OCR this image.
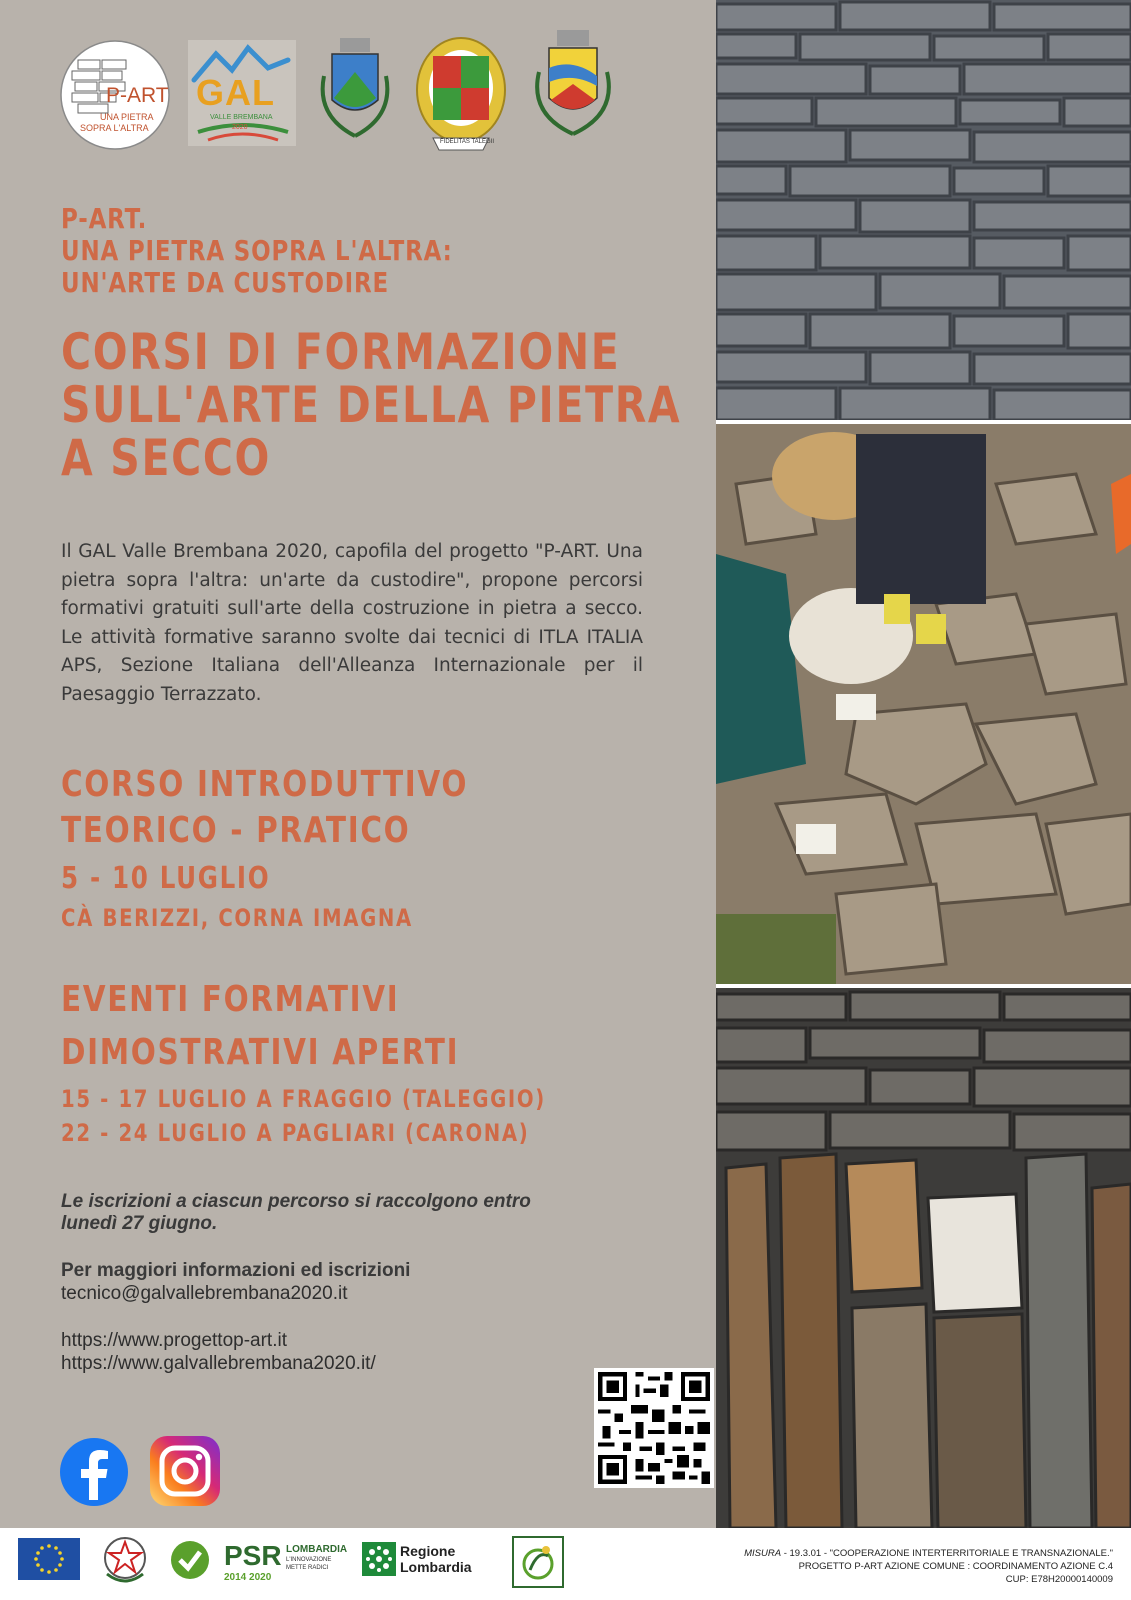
P-ART
UNA PIETRA
SOPRA L'ALTRA
GAL
VALLE BREMBANA
2020
FIDELITAS TALEGII
P-ART.
UNA PIETRA SOPRA L'ALTRA:
UN'ARTE DA CUSTODIRE
CORSI DI FORMAZIONE
SULL'ARTE DELLA PIETRA
A SECCO
Il GAL Valle Brembana 2020, capofila del progetto "P-ART. Una pietra sopra l'altra: un'arte da custodire", propone percorsi formativi gratuiti sull'arte della costruzione in pietra a secco. Le attività formative saranno svolte dai tecnici di ITLA ITALIA APS, Sezione Italiana dell'Alleanza Internazionale per il Paesaggio Terrazzato.
CORSO INTRODUTTIVO
TEORICO - PRATICO
5 - 10 LUGLIO
CÀ BERIZZI, CORNA IMAGNA
EVENTI FORMATIVI
DIMOSTRATIVI APERTI
15 - 17 LUGLIO A FRAGGIO (TALEGGIO)
22 - 24 LUGLIO A PAGLIARI (CARONA)
Le iscrizioni a ciascun percorso si raccolgono entro
lunedì 27 giugno.
Per maggiori informazioni ed iscrizioni
tecnico@galvallebrembana2020.it
https://www.progettop-art.it
https://www.galvallebrembana2020.it/
PSR
2014 2020
LOMBARDIA
L'INNOVAZIONE
METTE RADICI
Regione
Lombardia
MISURA - 19.3.01 - "COOPERAZIONE INTERTERRITORIALE E TRANSNAZIONALE."
PROGETTO P-ART AZIONE COMUNE : COORDINAMENTO AZIONE C.4
CUP: E78H20000140009
